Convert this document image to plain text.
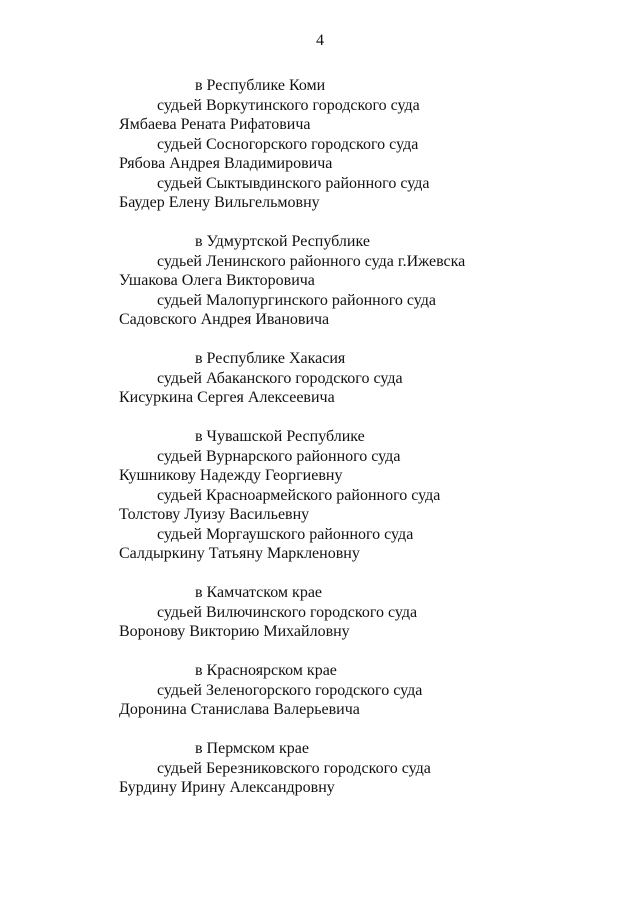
4
в Республике Коми
судьей Воркутинского городского суда
Ямбаева Рената Рифатовича
судьей Сосногорского городского суда
Рябова Андрея Владимировича
судьей Сыктывдинского районного суда
Баудер Елену Вильгельмовну
в Удмуртской Республике
судьей Ленинского районного суда г.Ижевска
Ушакова Олега Викторовича
судьей Малопургинского районного суда
Садовского Андрея Ивановича
в Республике Хакасия
судьей Абаканского городского суда
Кисуркина Сергея Алексеевича
в Чувашской Республике
судьей Вурнарского районного суда
Кушникову Надежду Георгиевну
судьей Красноармейского районного суда
Толстову Луизу Васильевну
судьей Моргаушского районного суда
Салдыркину Татьяну Маркленовну
в Камчатском крае
судьей Вилючинского городского суда
Воронову Викторию Михайловну
в Красноярском крае
судьей Зеленогорского городского суда
Доронина Станислава Валерьевича
в Пермском крае
судьей Березниковского городского суда
Бурдину Ирину Александровну
